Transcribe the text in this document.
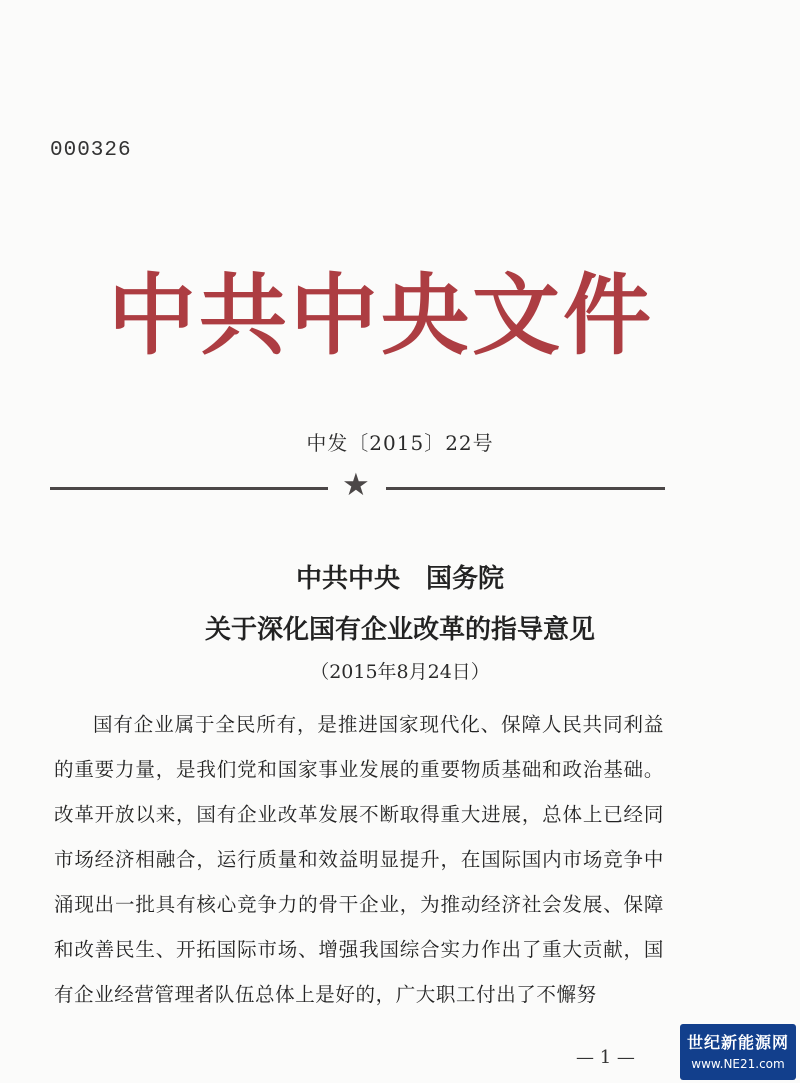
000326
中共中央文件
中发〔2015〕22号
★
中共中央　国务院
关于深化国有企业改革的指导意见
（2015年8月24日）

国有企业属于全民所有，是推进国家现代化、保障人民共同利益的重要力量，是我们党和国家事业发展的重要物质基础和政治基础。改革开放以来，国有企业改革发展不断取得重大进展，总体上已经同市场经济相融合，运行质量和效益明显提升，在国际国内市场竞争中涌现出一批具有核心竞争力的骨干企业，为推动经济社会发展、保障和改善民生、开拓国际市场、增强我国综合实力作出了重大贡献，国有企业经营管理者队伍总体上是好的，广大职工付出了不懈努

— 1 —
世纪新能源网
www.NE21.com
